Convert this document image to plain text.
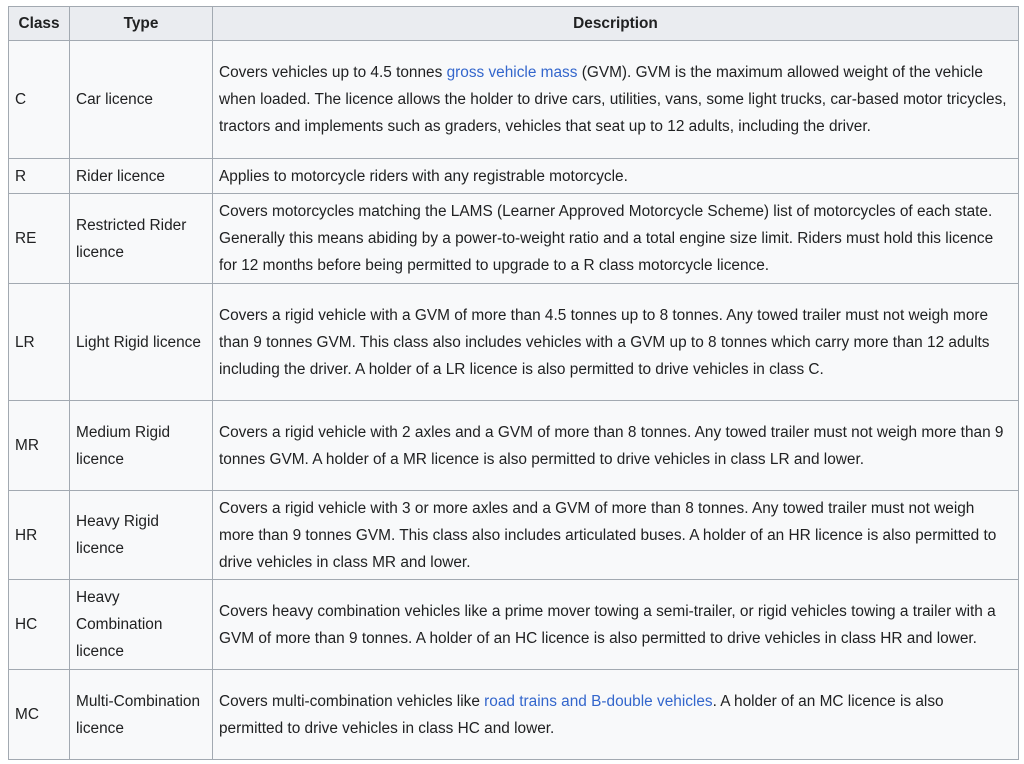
Class	Type	Description
C	Car licence	Covers vehicles up to 4.5 tonnes gross vehicle mass (GVM). GVM is the maximum allowed weight of the vehicle when loaded. The licence allows the holder to drive cars, utilities, vans, some light trucks, car-based motor tricycles, tractors and implements such as graders, vehicles that seat up to 12 adults, including the driver.
R	Rider licence	Applies to motorcycle riders with any registrable motorcycle.
RE	Restricted Rider licence	Covers motorcycles matching the LAMS (Learner Approved Motorcycle Scheme) list of motorcycles of each state. Generally this means abiding by a power-to-weight ratio and a total engine size limit. Riders must hold this licence for 12 months before being permitted to upgrade to a R class motorcycle licence.
LR	Light Rigid licence	Covers a rigid vehicle with a GVM of more than 4.5 tonnes up to 8 tonnes. Any towed trailer must not weigh more than 9 tonnes GVM. This class also includes vehicles with a GVM up to 8 tonnes which carry more than 12 adults including the driver. A holder of a LR licence is also permitted to drive vehicles in class C.
MR	Medium Rigid licence	Covers a rigid vehicle with 2 axles and a GVM of more than 8 tonnes. Any towed trailer must not weigh more than 9 tonnes GVM. A holder of a MR licence is also permitted to drive vehicles in class LR and lower.
HR	Heavy Rigid licence	Covers a rigid vehicle with 3 or more axles and a GVM of more than 8 tonnes. Any towed trailer must not weigh more than 9 tonnes GVM. This class also includes articulated buses. A holder of an HR licence is also permitted to drive vehicles in class MR and lower.
HC	Heavy Combination licence	Covers heavy combination vehicles like a prime mover towing a semi-trailer, or rigid vehicles towing a trailer with a GVM of more than 9 tonnes. A holder of an HC licence is also permitted to drive vehicles in class HR and lower.
MC	Multi-Combination licence	Covers multi-combination vehicles like road trains and B-double vehicles. A holder of an MC licence is also permitted to drive vehicles in class HC and lower.
